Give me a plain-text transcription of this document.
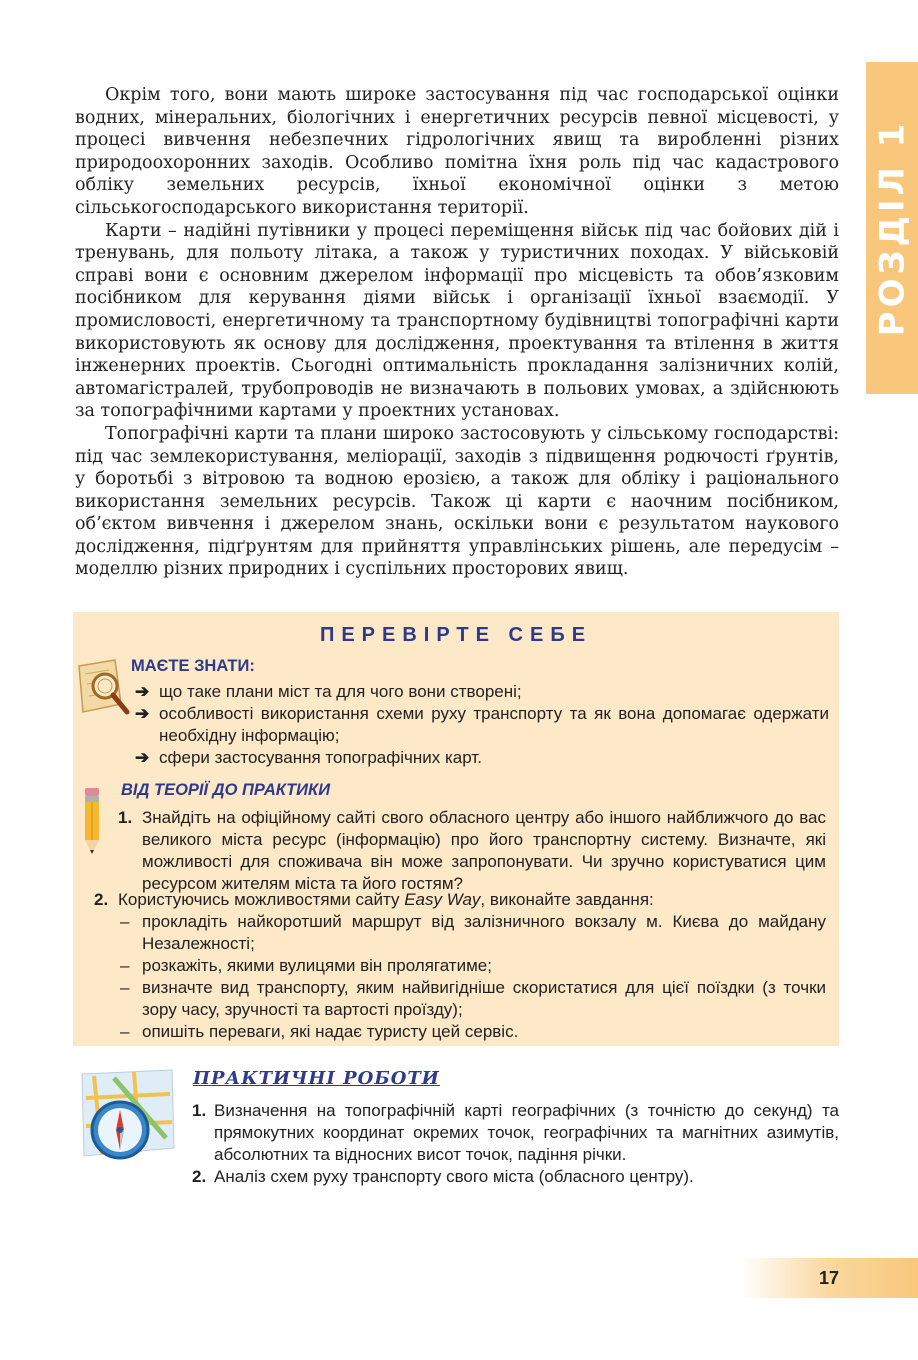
РОЗДІЛ 1

Окрім того, вони мають широке застосування під час господарської оцінки водних, мінеральних, біологічних і енергетичних ресурсів певної місцевості, у процесі вивчення небезпечних гідрологічних явищ та виробленні різних природоохоронних заходів. Особливо помітна їхня роль під час кадастрового обліку земельних ресурсів, їхньої економічної оцінки з метою сільськогосподарського використання території.

Карти – надійні путівники у процесі переміщення військ під час бойових дій і тренувань, для польоту літака, а також у туристичних походах. У військовій справі вони є основним джерелом інформації про місцевість та обов’язковим посібником для керування діями військ і організації їхньої взаємодії. У промисловості, енергетичному та транспортному будівництві топографічні карти використовують як основу для дослідження, проектування та втілення в життя інженерних проектів. Сьогодні оптимальність прокладання залізничних колій, автомагістралей, трубопроводів не визначають в польових умовах, а здійснюють за топографічними картами у проектних установах.

Топографічні карти та плани широко застосовують у сільському господарстві: під час землекористування, меліорації, заходів з підвищення родючості ґрунтів, у боротьбі з вітровою та водною ерозією, а також для обліку і раціонального використання земельних ресурсів. Також ці карти є наочним посібником, об’єктом вивчення і джерелом знань, оскільки вони є результатом наукового дослідження, підґрунтям для прийняття управлінських рішень, але передусім – моделлю різних природних і суспільних просторових явищ.

ПЕРЕВІРТЕ СЕБЕ
МАЄТЕ ЗНАТИ:
➔ що таке плани міст та для чого вони створені;
➔ особливості використання схеми руху транспорту та як вона допомагає одержати необхідну інформацію;
➔ сфери застосування топографічних карт.
ВІД ТЕОРІЇ ДО ПРАКТИКИ
1. Знайдіть на офіційному сайті свого обласного центру або іншого найближчого до вас великого міста ресурс (інформацію) про його транспортну систему. Визначте, які можливості для споживача він може запропонувати. Чи зручно користуватися цим ресурсом жителям міста та його гостям?
2. Користуючись можливостями сайту Easy Way, виконайте завдання:
– прокладіть найкоротший маршрут від залізничного вокзалу м. Києва до майдану Незалежності;
– розкажіть, якими вулицями він пролягатиме;
– визначте вид транспорту, яким найвигідніше скористатися для цієї поїздки (з точки зору часу, зручності та вартості проїзду);
– опишіть переваги, які надає туристу цей сервіс.
ПРАКТИЧНІ РОБОТИ
1. Визначення на топографічній карті географічних (з точністю до секунд) та прямокутних координат окремих точок, географічних та магнітних азимутів, абсолютних та відносних висот точок, падіння річки.
2. Аналіз схем руху транспорту свого міста (обласного центру).
17
